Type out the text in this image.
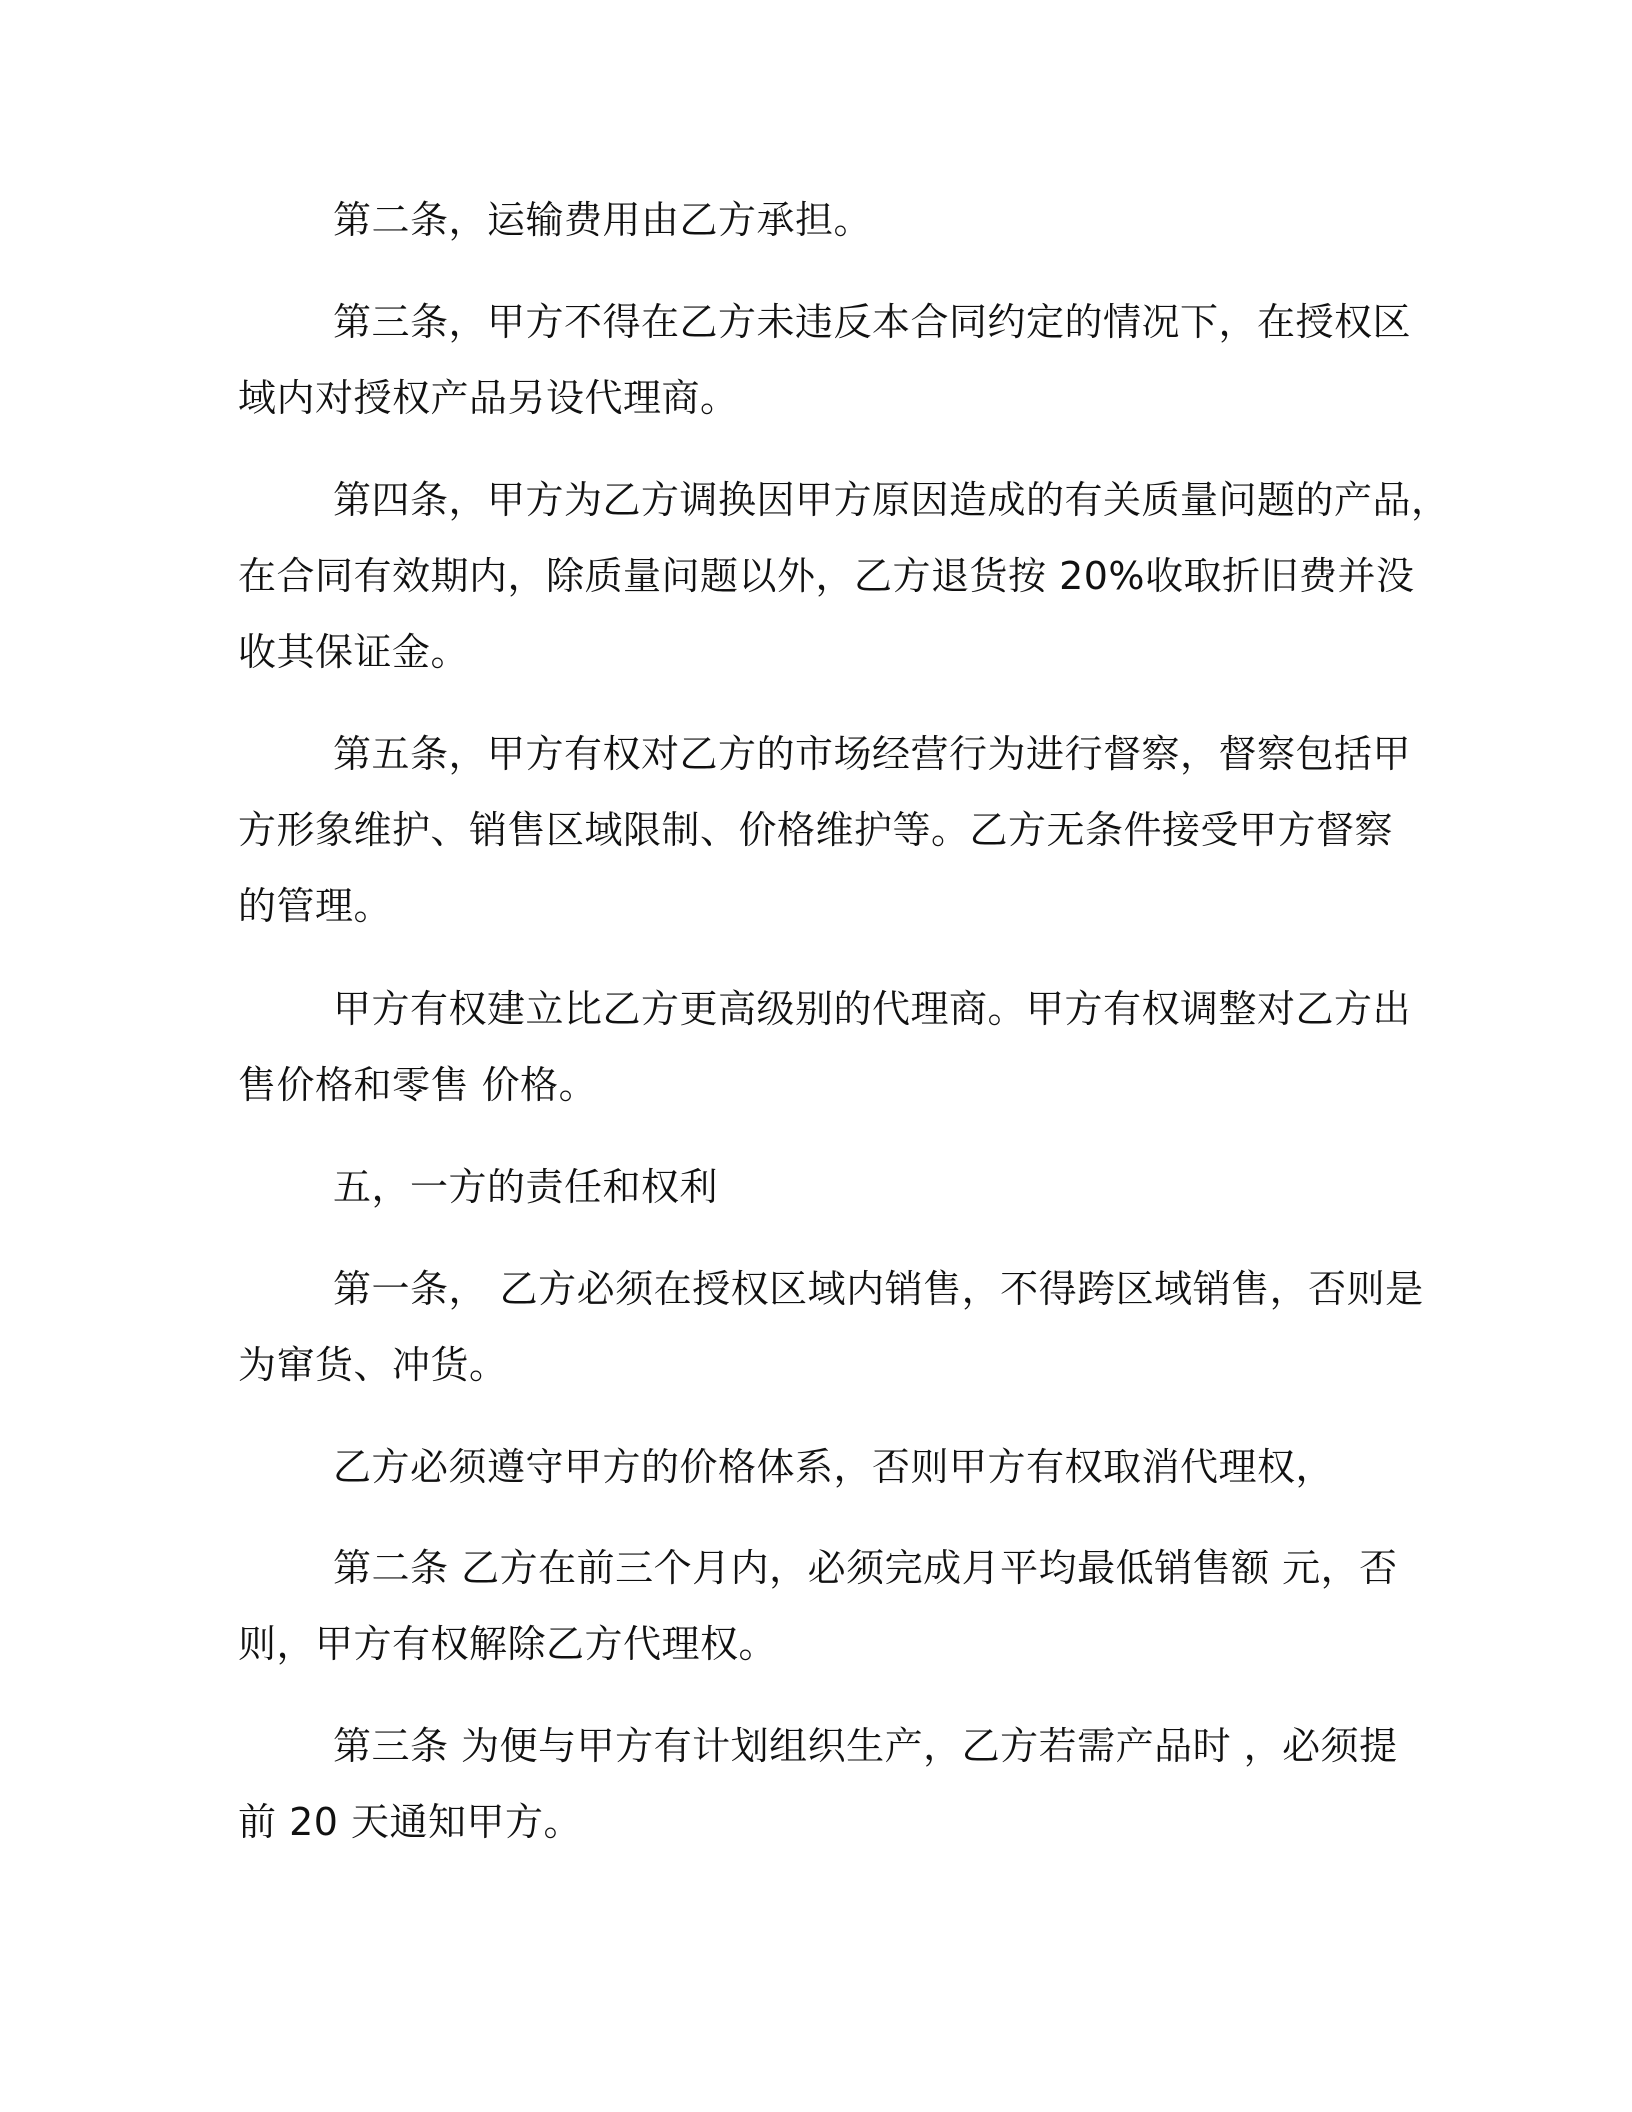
第二条，运输费用由乙方承担。
第三条，甲方不得在乙方未违反本合同约定的情况下，在授权区
域内对授权产品另设代理商。
第四条，甲方为乙方调换因甲方原因造成的有关质量问题的产品，
在合同有效期内，除质量问题以外，乙方退货按 20%收取折旧费并没
收其保证金。
第五条，甲方有权对乙方的市场经营行为进行督察，督察包括甲
方形象维护、销售区域限制、价格维护等。乙方无条件接受甲方督察
的管理。
甲方有权建立比乙方更高级别的代理商。甲方有权调整对乙方出
售价格和零售 价格。
五，一方的责任和权利
第一条， 乙方必须在授权区域内销售，不得跨区域销售，否则是
为窜货、冲货。
乙方必须遵守甲方的价格体系，否则甲方有权取消代理权，
第二条 乙方在前三个月内，必须完成月平均最低销售额 元，否
则，甲方有权解除乙方代理权。
第三条 为便与甲方有计划组织生产，乙方若需产品时 ，必须提
前 20 天通知甲方。
